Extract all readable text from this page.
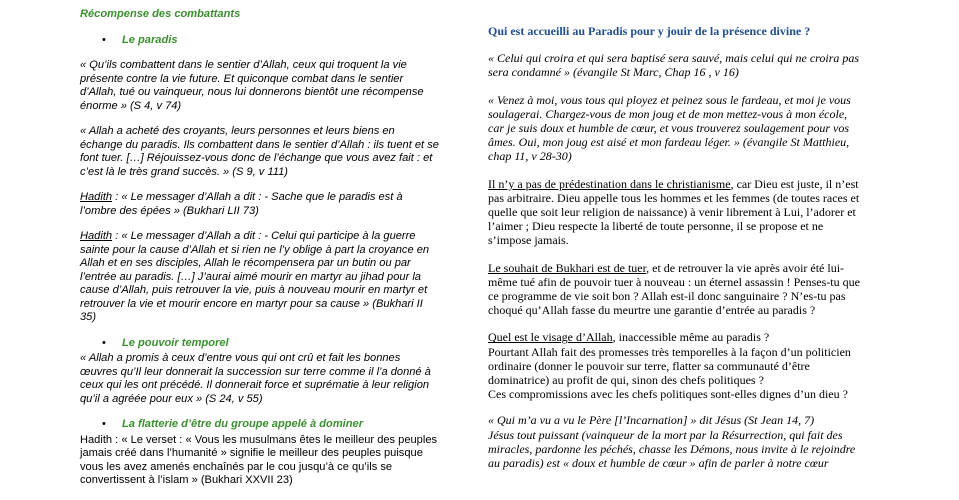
Récompense des combattants
• Le paradis
« Qu’ils combattent dans le sentier d’Allah, ceux qui troquent la vie présente contre la vie future. Et quiconque combat dans le sentier d’Allah, tué ou vainqueur, nous lui donnerons bientôt une récompense énorme » (S 4, v 74)
« Allah a acheté des croyants, leurs personnes et leurs biens en échange du paradis. Ils combattent dans le sentier d’Allah : ils tuent et se font tuer. […] Réjouissez-vous donc de l’échange que vous avez fait : et c’est là le très grand succès. » (S 9, v 111)
Hadith : « Le messager d’Allah a dit : - Sache que le paradis est à l’ombre des épées » (Bukhari LII 73)
Hadith : « Le messager d’Allah a dit : - Celui qui participe à la guerre sainte pour la cause d’Allah et si rien ne l’y oblige à part la croyance en Allah et en ses disciples, Allah le récompensera par un butin ou par l’entrée au paradis. […] J’aurai aimé mourir en martyr au jihad pour la cause d’Allah, puis retrouver la vie, puis à nouveau mourir en martyr et retrouver la vie et mourir encore en martyr pour sa cause » (Bukhari II 35)
• Le pouvoir temporel
« Allah a promis à ceux d’entre vous qui ont crû et fait les bonnes œuvres qu’Il leur donnerait la succession sur terre comme il l’a donné à ceux qui les ont précédé. Il donnerait force et suprématie à leur religion qu’il a agréée pour eux » (S 24, v 55)
• La flatterie d’être du groupe appelé à dominer
Hadith : « Le verset : « Vous les musulmans êtes le meilleur des peuples jamais créé dans l’humanité » signifie le meilleur des peuples puisque vous les avez amenés enchaînés par le cou jusqu’à ce qu’ils se convertissent à l’islam » (Bukhari XXVII 23)
Qui est accueilli au Paradis pour y jouir de la présence divine ?
« Celui qui croira et qui sera baptisé sera sauvé, mais celui qui ne croira pas sera condamné » (évangile St Marc, Chap 16 , v 16)
« Venez à moi, vous tous qui ployez et peinez sous le fardeau, et moi je vous soulagerai. Chargez-vous de mon joug et de mon mettez-vous à mon école, car je suis doux et humble de cœur, et vous trouverez soulagement pour vos âmes. Oui, mon joug est aisé et mon fardeau léger. » (évangile St Matthieu, chap 11, v 28-30)
Il n’y a pas de prédestination dans le christianisme, car Dieu est juste, il n’est pas arbitraire. Dieu appelle tous les hommes et les femmes (de toutes races et quelle que soit leur religion de naissance) à venir librement à Lui, l’adorer et l’aimer ; Dieu respecte la liberté de toute personne, il se propose et ne s’impose jamais.
Le souhait de Bukhari est de tuer, et de retrouver la vie après avoir été lui-même tué afin de pouvoir tuer à nouveau : un éternel assassin ! Penses-tu que ce programme de vie soit bon ? Allah est-il donc sanguinaire ? N’es-tu pas choqué qu’Allah fasse du meurtre une garantie d’entrée au paradis ?
Quel est le visage d’Allah, inaccessible même au paradis ?
Pourtant Allah fait des promesses très temporelles à la façon d’un politicien ordinaire (donner le pouvoir sur terre, flatter sa communauté d’être dominatrice) au profit de qui, sinon des chefs politiques ?
Ces compromissions avec les chefs politiques sont-elles dignes d’un dieu ?
« Qui m’a vu a vu le Père [l’Incarnation] » dit Jésus (St Jean 14, 7)
Jésus tout puissant (vainqueur de la mort par la Résurrection, qui fait des miracles, pardonne les péchés, chasse les Démons, nous invite à le rejoindre au paradis) est « doux et humble de cœur » afin de parler à notre cœur
